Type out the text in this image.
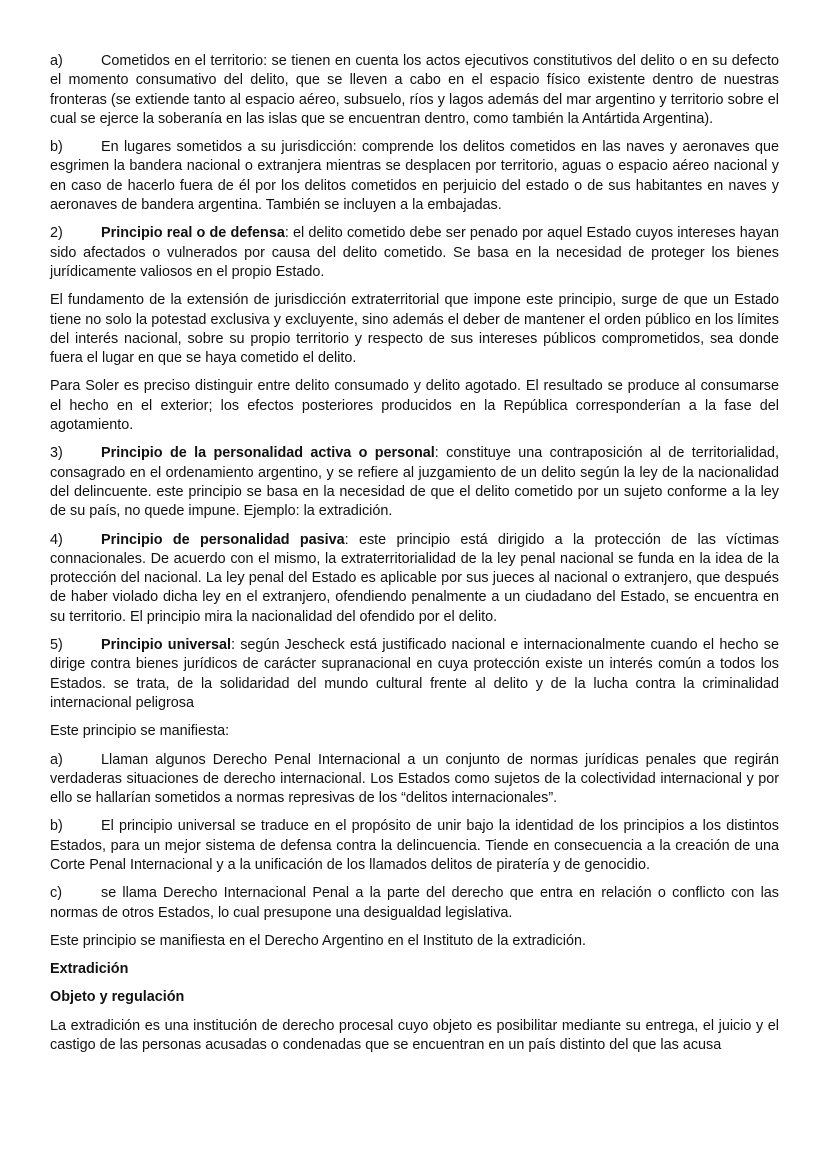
a)	Cometidos en el territorio: se tienen en cuenta los actos ejecutivos constitutivos del delito o en su defecto el momento consumativo del delito, que se lleven a cabo en el espacio físico existente dentro de nuestras fronteras (se extiende tanto al espacio aéreo, subsuelo, ríos y lagos además del mar argentino y territorio sobre el cual se ejerce la soberanía en las islas que se encuentran dentro, como también la Antártida Argentina).

b)	En lugares sometidos a su jurisdicción: comprende los delitos cometidos en las naves y aeronaves que esgrimen la bandera nacional o extranjera mientras se desplacen por territorio, aguas o espacio aéreo nacional y en caso de hacerlo fuera de él por los delitos cometidos en perjuicio del estado o de sus habitantes en naves y aeronaves de bandera argentina. También se incluyen a la embajadas.

2)	Principio real o de defensa: el delito cometido debe ser penado por aquel Estado cuyos intereses hayan sido afectados o vulnerados por causa del delito cometido. Se basa en la necesidad de proteger los bienes jurídicamente valiosos en el propio Estado.

El fundamento de la extensión de jurisdicción extraterritorial que impone este principio, surge de que un Estado tiene no solo la potestad exclusiva y excluyente, sino además el deber de mantener el orden público en los límites del interés nacional, sobre su propio territorio y respecto de sus intereses públicos comprometidos, sea donde fuera el lugar en que se haya cometido el delito.

Para Soler es preciso distinguir entre delito consumado y delito agotado. El resultado se produce al consumarse el hecho en el exterior; los efectos posteriores producidos en la República corresponderían a la fase del agotamiento.

3)	Principio de la personalidad activa o personal: constituye una contraposición al de territorialidad, consagrado en el ordenamiento argentino, y se refiere al juzgamiento de un delito según la ley de la nacionalidad del delincuente. este principio se basa en la necesidad de que el delito cometido por un sujeto conforme a la ley de su país, no quede impune. Ejemplo: la extradición.

4)	Principio de personalidad pasiva: este principio está dirigido a la protección de las víctimas connacionales. De acuerdo con el mismo, la extraterritorialidad de la ley penal nacional se funda en la idea de la protección del nacional. La ley penal del Estado es aplicable por sus jueces al nacional o extranjero, que después de haber violado dicha ley en el extranjero, ofendiendo penalmente a un ciudadano del Estado, se encuentra en su territorio. El principio mira la nacionalidad del ofendido por el delito.

5)	Principio universal: según Jescheck está justificado nacional e internacionalmente cuando el hecho se dirige contra bienes jurídicos de carácter supranacional en cuya protección existe un interés común a todos los Estados. se trata, de la solidaridad del mundo cultural frente al delito y de la lucha contra la criminalidad internacional peligrosa

Este principio se manifiesta:

a)	Llaman algunos Derecho Penal Internacional a un conjunto de normas jurídicas penales que regirán verdaderas situaciones de derecho internacional. Los Estados como sujetos de la colectividad internacional y por ello se hallarían sometidos a normas represivas de los “delitos internacionales”.

b)	El principio universal se traduce en el propósito de unir bajo la identidad de los principios a los distintos Estados, para un mejor sistema de defensa contra la delincuencia. Tiende en consecuencia a la creación de una Corte Penal Internacional y a la unificación de los llamados delitos de piratería y de genocidio.

c)	se llama Derecho Internacional Penal a la parte del derecho que entra en relación o conflicto con las normas de otros Estados, lo cual presupone una desigualdad legislativa.

Este principio se manifiesta en el Derecho Argentino en el Instituto de la extradición.

Extradición

Objeto y regulación

La extradición es una institución de derecho procesal cuyo objeto es posibilitar mediante su entrega, el juicio y el castigo de las personas acusadas o condenadas que se encuentran en un país distinto del que las acusa
